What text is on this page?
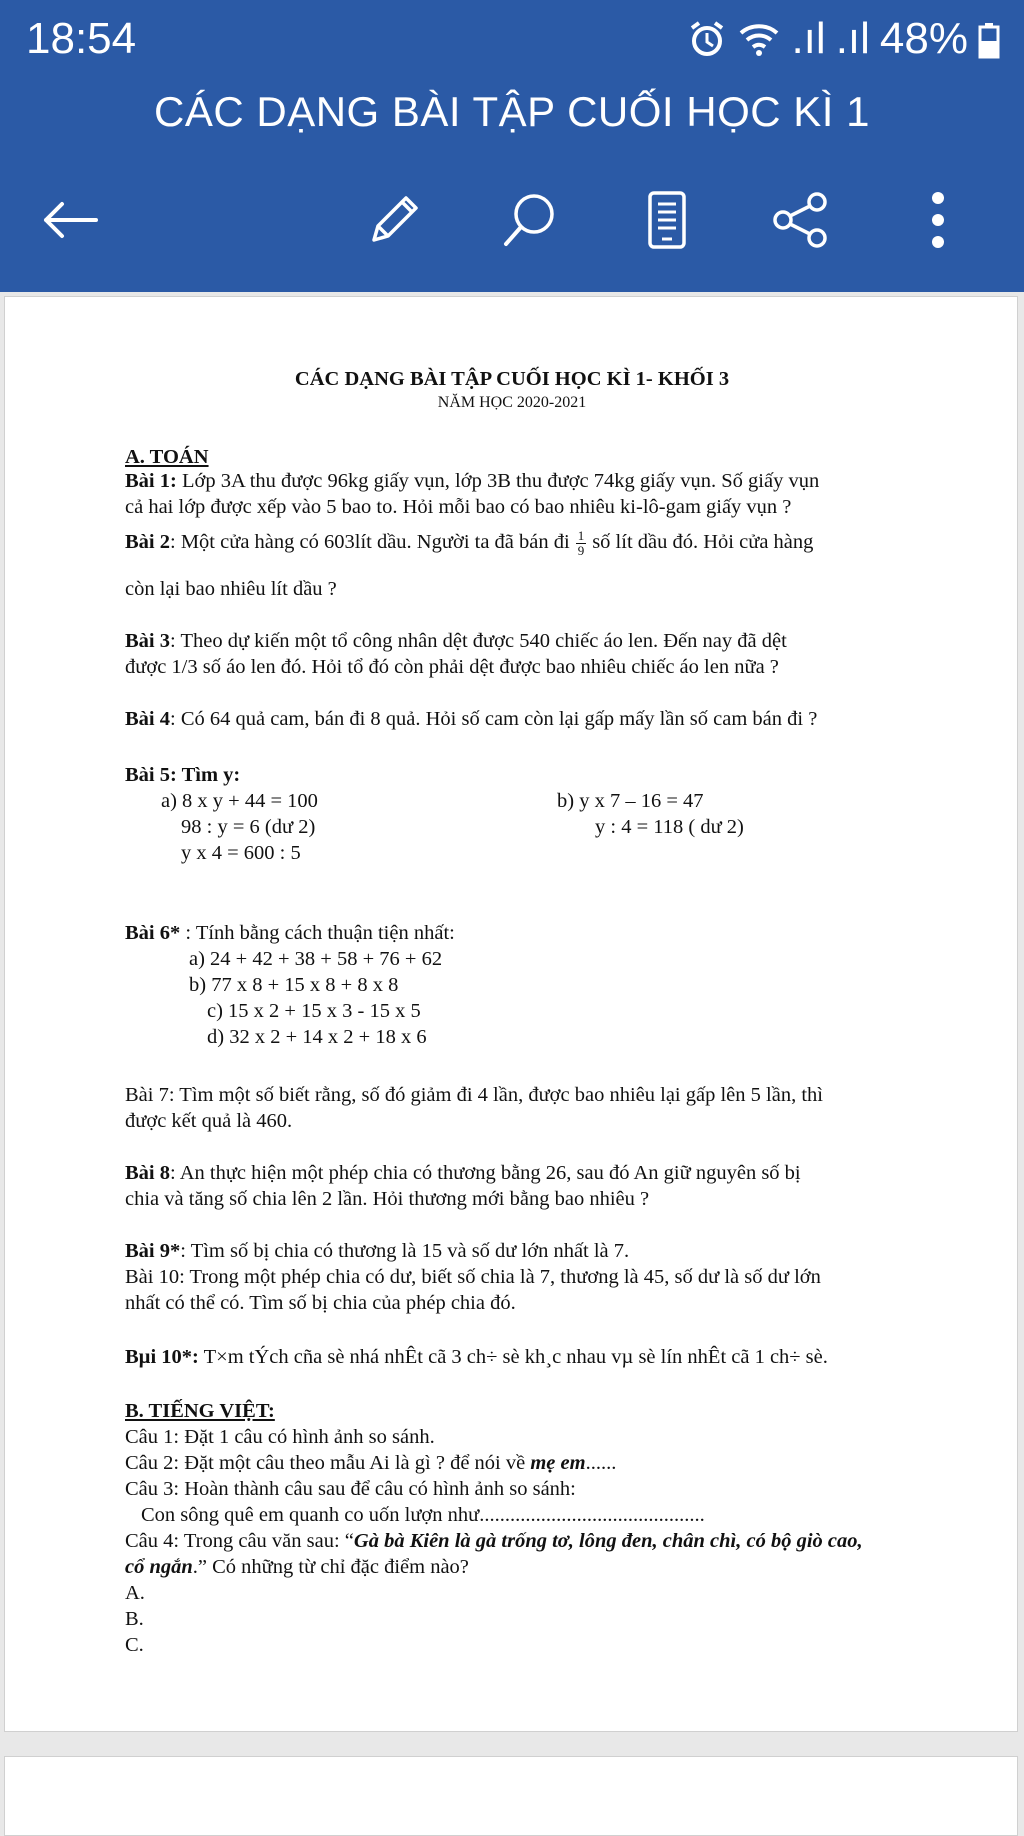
18:54	.ıl .ıl 48%
CÁC DẠNG BÀI TẬP CUỐI HỌC KÌ 1
CÁC DẠNG BÀI TẬP CUỐI HỌC KÌ 1- KHỐI 3
NĂM HỌC 2020-2021
A. TOÁN
Bài 1: Lớp 3A thu được 96kg giấy vụn, lớp 3B thu được 74kg giấy vụn. Số giấy vụn
cả hai lớp được xếp vào 5 bao to. Hỏi mỗi bao có bao nhiêu ki-lô-gam giấy vụn ?
Bài 2: Một cửa hàng có 603lít dầu. Người ta đã bán đi $\frac{1}{9}$ số lít dầu đó. Hỏi cửa hàng
còn lại bao nhiêu lít dầu ?
Bài 3: Theo dự kiến một tổ công nhân dệt được 540 chiếc áo len. Đến nay đã dệt
được 1/3 số áo len đó. Hỏi tổ đó còn phải dệt được bao nhiêu chiếc áo len nữa ?
Bài 4: Có 64 quả cam, bán đi 8 quả. Hỏi số cam còn lại gấp mấy lần số cam bán đi ?
Bài 5: Tìm y:
a) 8 x y + 44 = 100
98 : y = 6 (dư 2)
y x 4 = 600 : 5
b) y x 7 – 16 = 47
y : 4 = 118 ( dư 2)
Bài 6* : Tính bằng cách thuận tiện nhất:
a) 24 + 42 + 38 + 58 + 76 + 62
b) 77 x 8 + 15 x 8 + 8 x 8
c) 15 x 2 + 15 x 3 - 15 x 5
d) 32 x 2 + 14 x 2 + 18 x 6
Bài 7: Tìm một số biết rằng, số đó giảm đi 4 lần, được bao nhiêu lại gấp lên 5 lần, thì
được kết quả là 460.
Bài 8: An thực hiện một phép chia có thương bằng 26, sau đó An giữ nguyên số bị
chia và tăng số chia lên 2 lần. Hỏi thương mới bằng bao nhiêu ?
Bài 9*: Tìm số bị chia có thương là 15 và số dư lớn nhất là 7.
Bài 10: Trong một phép chia có dư, biết số chia là 7, thương là 45, số dư là số dư lớn
nhất có thể có. Tìm số bị chia của phép chia đó.
Bµi 10*: T×m tÝch cña sè nhá nhÊt cã 3 ch÷ sè kh¸c nhau vµ sè lín nhÊt cã 1 ch÷ sè.
B. TIẾNG VIỆT:
Câu 1: Đặt 1 câu có hình ảnh so sánh.
Câu 2: Đặt một câu theo mẫu Ai là gì ? để nói về mẹ em......
Câu 3: Hoàn thành câu sau để câu có hình ảnh so sánh:
Con sông quê em quanh co uốn lượn như............................................
Câu 4: Trong câu văn sau: “Gà bà Kiên là gà trống tơ, lông đen, chân chì, có bộ giò cao,
cổ ngắn.” Có những từ chỉ đặc điểm nào?
A.
B.
C.
